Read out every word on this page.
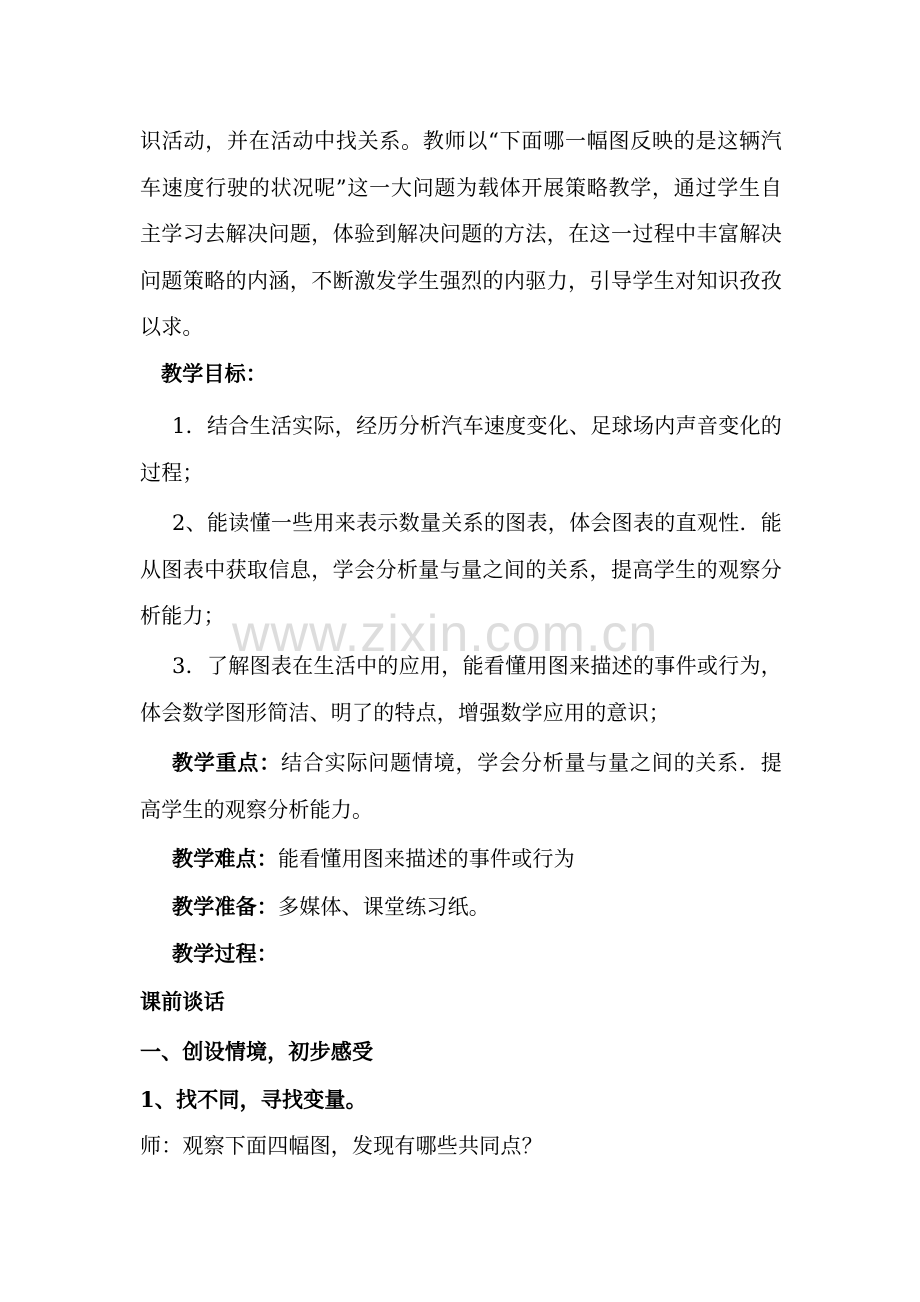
识活动，并在活动中找关系。教师以“下面哪一幅图反映的是这辆汽车速度行驶的状况呢”这一大问题为载体开展策略教学，通过学生自主学习去解决问题，体验到解决问题的方法，在这一过程中丰富解决问题策略的内涵，不断激发学生强烈的内驱力，引导学生对知识孜孜以求。

教学目标：

1．结合生活实际，经历分析汽车速度变化、足球场内声音变化的过程；

2、能读懂一些用来表示数量关系的图表，体会图表的直观性．能从图表中获取信息，学会分析量与量之间的关系，提高学生的观察分析能力；

3．了解图表在生活中的应用，能看懂用图来描述的事件或行为，体会数学图形简洁、明了的特点，增强数学应用的意识；

教学重点：结合实际问题情境，学会分析量与量之间的关系．提高学生的观察分析能力。

教学难点：能看懂用图来描述的事件或行为

教学准备：多媒体、课堂练习纸。

教学过程：

课前谈话

一、创设情境，初步感受

1、找不同，寻找变量。

师：观察下面四幅图，发现有哪些共同点？

www.zixin.com.cn
